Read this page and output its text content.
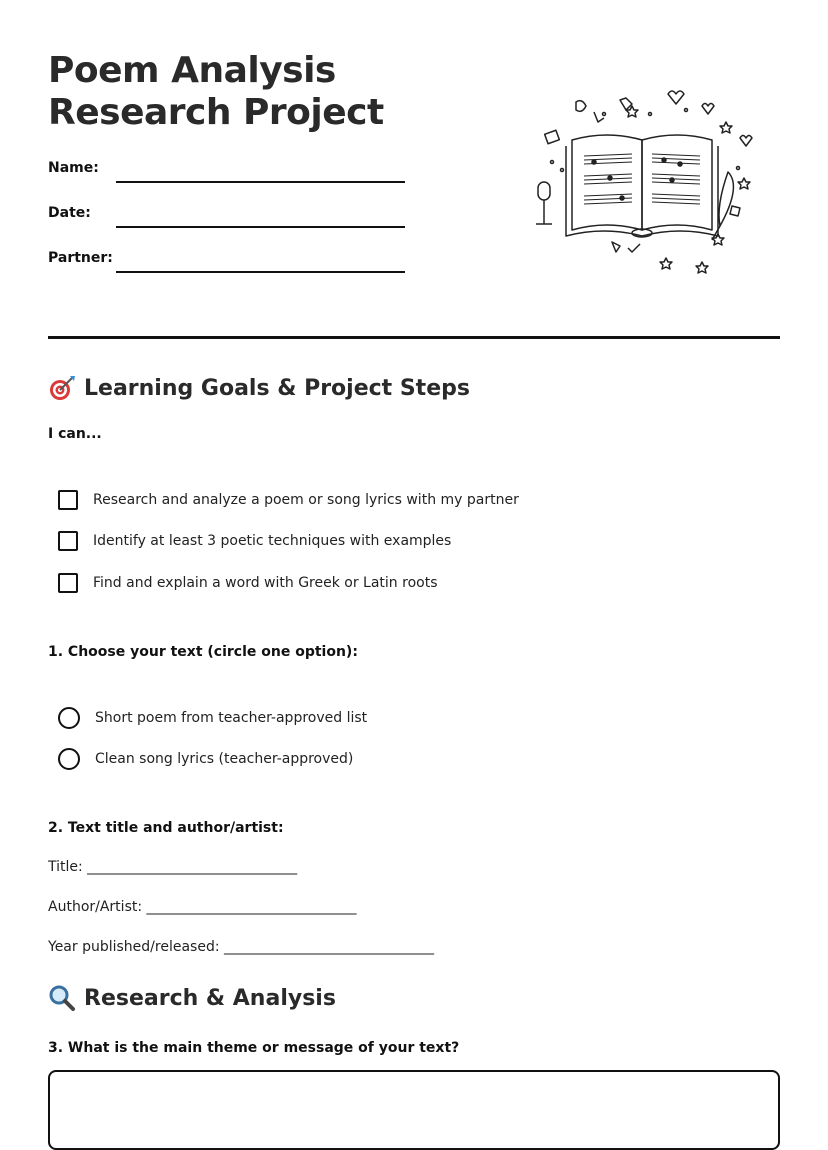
Poem Analysis Research Project
Name:
Date:
Partner:
Learning Goals & Project Steps
I can...
Research and analyze a poem or song lyrics with my partner
Identify at least 3 poetic techniques with examples
Find and explain a word with Greek or Latin roots
1. Choose your text (circle one option):
Short poem from teacher-approved list
Clean song lyrics (teacher-approved)
2. Text title and author/artist:
Title: ______________________________
Author/Artist: ______________________________
Year published/released: ______________________________
Research & Analysis
3. What is the main theme or message of your text?
